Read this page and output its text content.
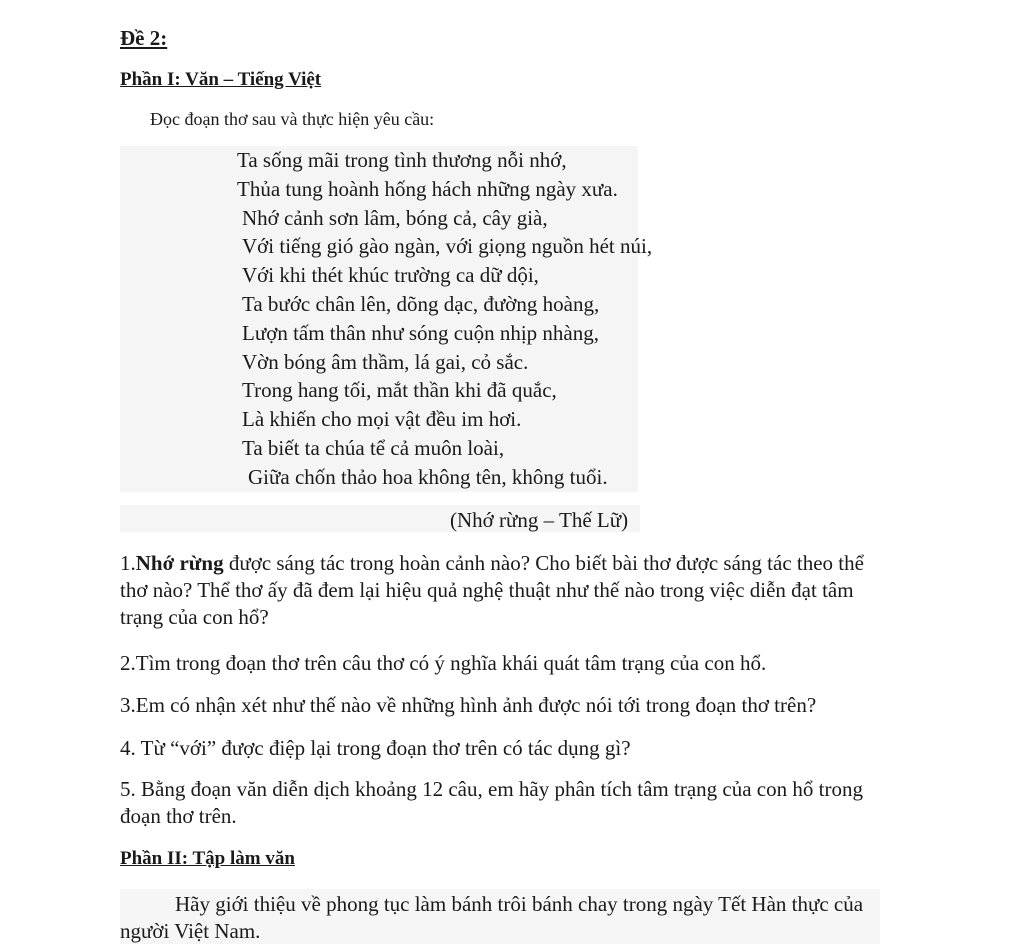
Đề 2:
Phần I: Văn – Tiếng Việt
Đọc đoạn thơ sau và thực hiện yêu cầu:
Ta sống mãi trong tình thương nỗi nhớ,
Thủa tung hoành hống hách những ngày xưa.
Nhớ cảnh sơn lâm, bóng cả, cây già,
Với tiếng gió gào ngàn, với giọng nguồn hét núi,
Với khi thét khúc trường ca dữ dội,
Ta bước chân lên, dõng dạc, đường hoàng,
Lượn tấm thân như sóng cuộn nhịp nhàng,
Vờn bóng âm thầm, lá gai, cỏ sắc.
Trong hang tối, mắt thần khi đã quắc,
Là khiến cho mọi vật đều im hơi.
Ta biết ta chúa tể cả muôn loài,
Giữa chốn thảo hoa không tên, không tuổi.
(Nhớ rừng – Thế Lữ)

1.Nhớ rừng được sáng tác trong hoàn cảnh nào? Cho biết bài thơ được sáng tác theo thể thơ nào? Thể thơ ấy đã đem lại hiệu quả nghệ thuật như thế nào trong việc diễn đạt tâm trạng của con hổ?

2.Tìm trong đoạn thơ trên câu thơ có ý nghĩa khái quát tâm trạng của con hổ.

3.Em có nhận xét như thế nào về những hình ảnh được nói tới trong đoạn thơ trên?

4. Từ “với” được điệp lại trong đoạn thơ trên có tác dụng gì?

5. Bằng đoạn văn diễn dịch khoảng 12 câu, em hãy phân tích tâm trạng của con hổ trong đoạn thơ trên.

Phần II: Tập làm văn

Hãy giới thiệu về phong tục làm bánh trôi bánh chay trong ngày Tết Hàn thực của người Việt Nam.
